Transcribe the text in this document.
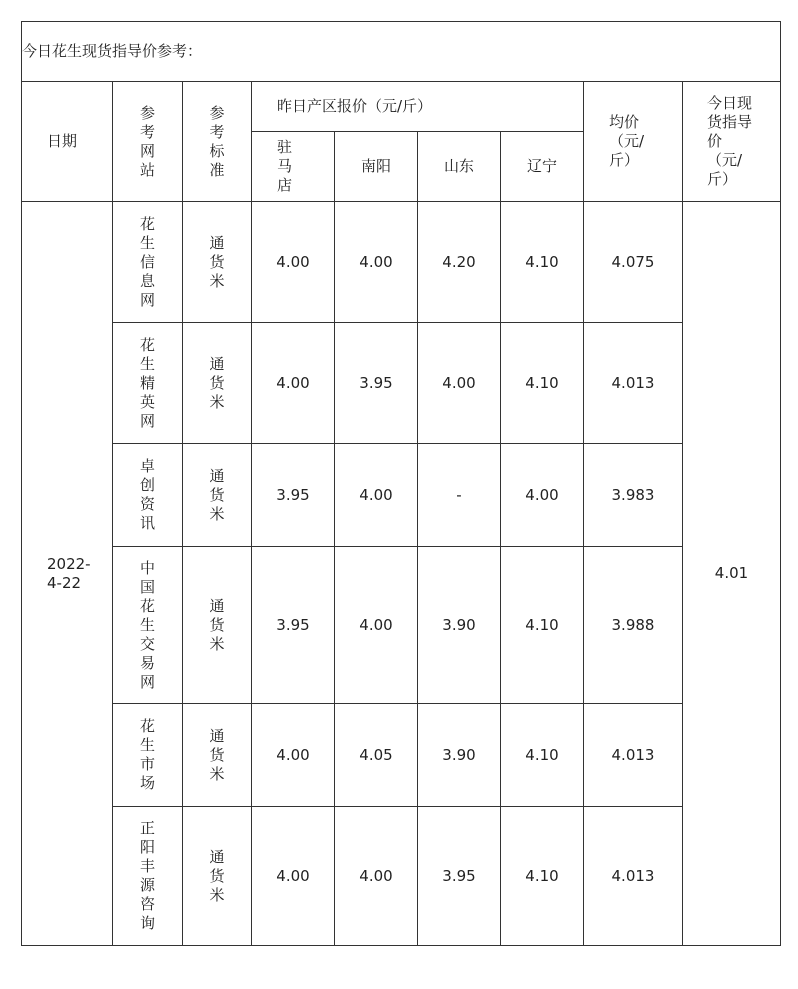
今日花生现货指导价参考：								
日期	参考网站	参考标准	昨日产区报价（元/斤）				均价（元/斤）	今日现货指导价（元/斤）
			驻马店	南阳	山东	辽宁		
2022-4-22	花生信息网	通货米	4.00	4.00	4.20	4.10	4.075	4.01
	花生精英网	通货米	4.00	3.95	4.00	4.10	4.013	
	卓创资讯	通货米	3.95	4.00	-	4.00	3.983	
	中国花生交易网	通货米	3.95	4.00	3.90	4.10	3.988	
	花生市场	通货米	4.00	4.05	3.90	4.10	4.013	
	正阳丰源咨询	通货米	4.00	4.00	3.95	4.10	4.013	
